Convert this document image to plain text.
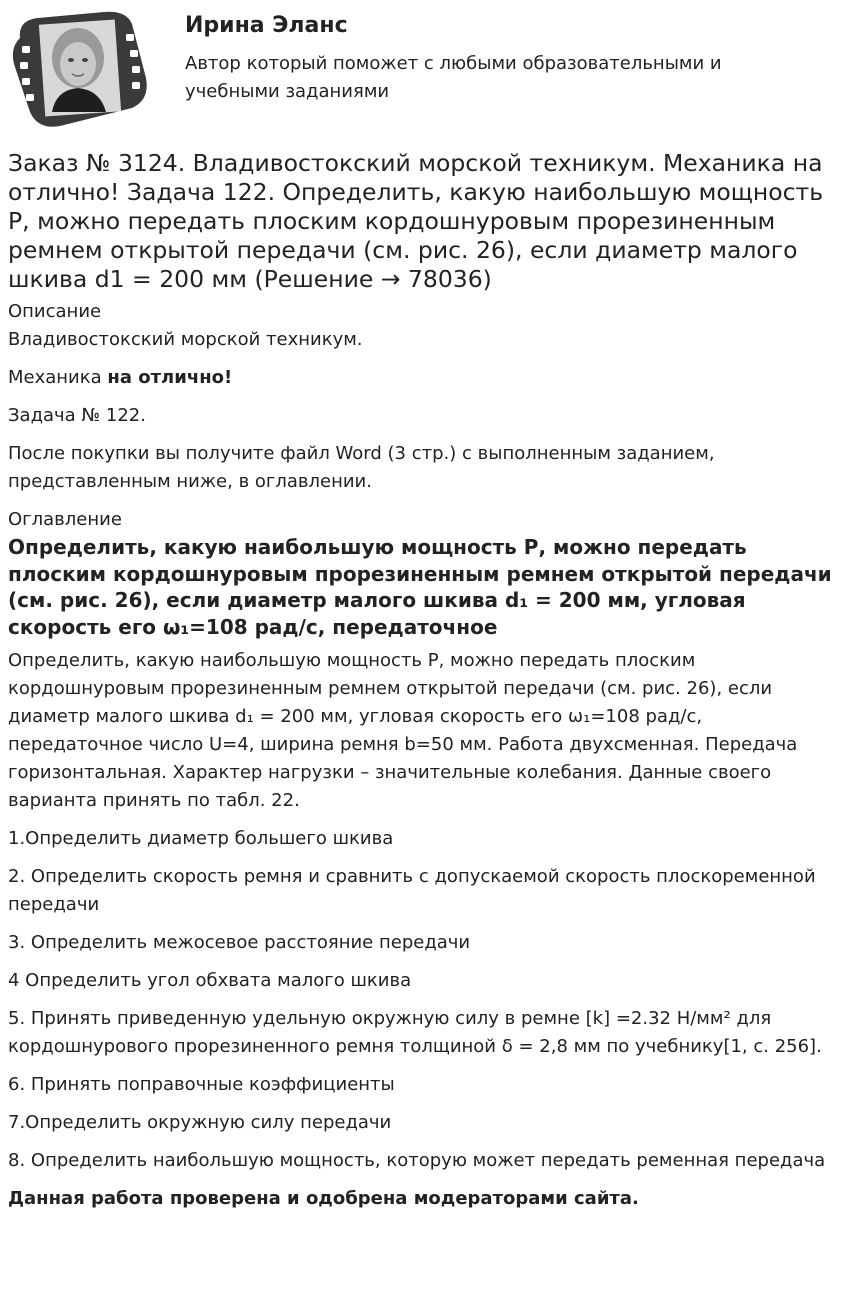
Ирина Эланс
Автор который поможет с любыми образовательными и учебными заданиями
Заказ № 3124. Владивостокский морской техникум. Механика на отлично! Задача 122. Определить, какую наибольшую мощность Р, можно передать плоским кордошнуровым прорезиненным ремнем открытой передачи (см. рис. 26), если диаметр малого шкива d1 = 200 мм (Решение → 78036)
Описание

Владивостокский морской техникум.

Механика на отлично!

Задача № 122.

После покупки вы получите файл Word (3 стр.) с выполненным заданием, представленным ниже, в оглавлении.

Оглавление
Определить, какую наибольшую мощность Р, можно передать плоским кордошнуровым прорезиненным ремнем открытой передачи (см. рис. 26), если диаметр малого шкива d₁ = 200 мм, угловая скорость его ω₁=108 рад/с, передаточное

Определить, какую наибольшую мощность Р, можно передать плоским кордошнуровым прорезиненным ремнем открытой передачи (см. рис. 26), если диаметр малого шкива d₁ = 200 мм, угловая скорость его ω₁=108 рад/с, передаточное число U=4, ширина ремня b=50 мм. Работа двухсменная. Передача горизонтальная. Характер нагрузки – значительные колебания. Данные своего варианта принять по табл. 22.

1.Определить диаметр большего шкива

2. Определить скорость ремня и сравнить с допускаемой скорость плоскоременной передачи

3. Определить межосевое расстояние передачи

4 Определить угол обхвата малого шкива

5. Принять приведенную удельную окружную силу в ремне [k] =2.32 Н/мм² для кордошнурового прорезиненного ремня толщиной δ = 2,8 мм по учебнику[1, с. 256].

6. Принять поправочные коэффициенты

7.Определить окружную силу передачи

8. Определить наибольшую мощность, которую может передать ременная передача

Данная работа проверена и одобрена модераторами сайта.
